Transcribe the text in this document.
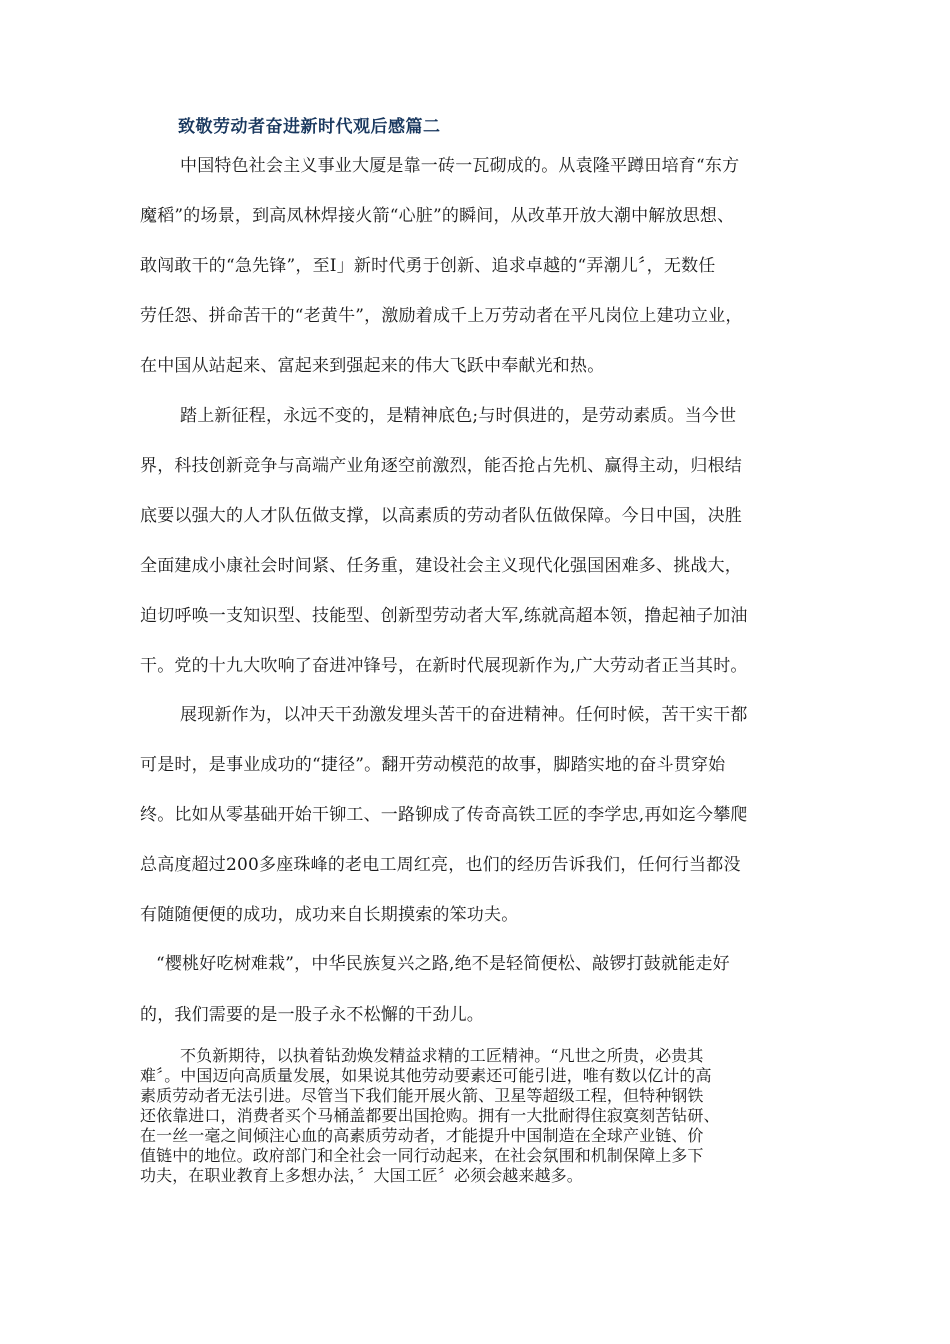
致敬劳动者奋进新时代观后感篇二
中国特色社会主义事业大厦是靠一砖一瓦砌成的。从袁隆平蹲田培育“东方
魔稻”的场景，到高凤林焊接火箭“心脏”的瞬间，从改革开放大潮中解放思想、
敢闯敢干的“急先锋”，至Ⅰ」新时代勇于创新、追求卓越的“弄潮儿〞，无数任
劳任怨、拼命苦干的“老黄牛”，激励着成千上万劳动者在平凡岗位上建功立业，
在中国从站起来、富起来到强起来的伟大飞跃中奉献光和热。
踏上新征程，永远不变的，是精神底色;与时俱进的，是劳动素质。当今世
界，科技创新竞争与高端产业角逐空前激烈，能否抢占先机、赢得主动，归根结
底要以强大的人才队伍做支撑，以高素质的劳动者队伍做保障。今日中国，决胜
全面建成小康社会时间紧、任务重，建设社会主义现代化强国困难多、挑战大，
迫切呼唤一支知识型、技能型、创新型劳动者大军,练就高超本领，撸起袖子加油
干。党的十九大吹响了奋进冲锋号，在新时代展现新作为,广大劳动者正当其时。
展现新作为，以冲天干劲激发埋头苦干的奋进精神。任何时候，苦干实干都
可是时，是事业成功的“捷径”。翻开劳动模范的故事，脚踏实地的奋斗贯穿始
终。比如从零基础开始干铆工、一路铆成了传奇高铁工匠的李学忠,再如迄今攀爬
总高度超过200多座珠峰的老电工周红亮，也们的经历告诉我们，任何行当都没
有随随便便的成功，成功来自长期摸索的笨功夫。
“樱桃好吃树难栽”，中华民族复兴之路,绝不是轻简便松、敲锣打鼓就能走好
的，我们需要的是一股子永不松懈的干劲儿。
不负新期待，以执着钻劲焕发精益求精的工匠精神。“凡世之所贵，必贵其
难〞。中国迈向高质量发展，如果说其他劳动要素还可能引进，唯有数以亿计的高
素质劳动者无法引进。尽管当下我们能开展火箭、卫星等超级工程，但特种钢铁
还依靠进口，消费者买个马桶盖都要出国抢购。拥有一大批耐得住寂寞刻苦钻研、
在一丝一毫之间倾注心血的高素质劳动者，才能提升中国制造在全球产业链、价
值链中的地位。政府部门和全社会一同行动起来，在社会氛围和机制保障上多下
功夫，在职业教育上多想办法，〞大国工匠〞必须会越来越多。
